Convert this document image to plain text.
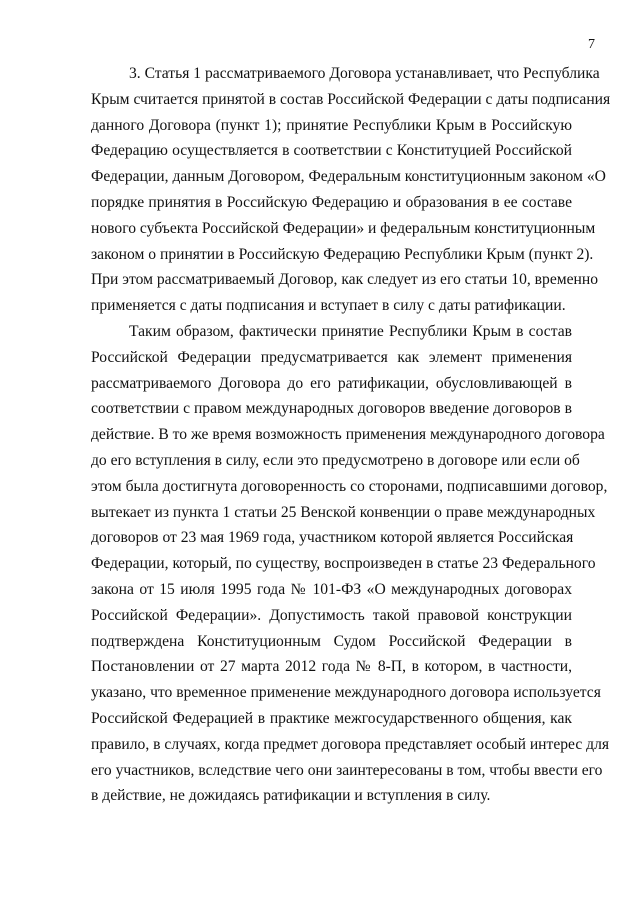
7
3. Статья 1 рассматриваемого Договора устанавливает, что Республика
Крым считается принятой в состав Российской Федерации с даты подписания
данного Договора (пункт 1); принятие Республики Крым в Российскую
Федерацию осуществляется в соответствии с Конституцией Российской
Федерации, данным Договором, Федеральным конституционным законом «О
порядке принятия в Российскую Федерацию и образования в ее составе
нового субъекта Российской Федерации» и федеральным конституционным
законом о принятии в Российскую Федерацию Республики Крым (пункт 2).
При этом рассматриваемый Договор, как следует из его статьи 10, временно
применяется с даты подписания и вступает в силу с даты ратификации.
Таким образом, фактически принятие Республики Крым в состав
Российской Федерации предусматривается как элемент применения
рассматриваемого Договора до его ратификации, обусловливающей в
соответствии с правом международных договоров введение договоров в
действие. В то же время возможность применения международного договора
до его вступления в силу, если это предусмотрено в договоре или если об
этом была достигнута договоренность со сторонами, подписавшими договор,
вытекает из пункта 1 статьи 25 Венской конвенции о праве международных
договоров от 23 мая 1969 года, участником которой является Российская
Федерации, который, по существу, воспроизведен в статье 23 Федерального
закона от 15 июля 1995 года № 101-ФЗ «О международных договорах
Российской Федерации». Допустимость такой правовой конструкции
подтверждена Конституционным Судом Российской Федерации в
Постановлении от 27 марта 2012 года № 8-П, в котором, в частности,
указано, что временное применение международного договора используется
Российской Федерацией в практике межгосударственного общения, как
правило, в случаях, когда предмет договора представляет особый интерес для
его участников, вследствие чего они заинтересованы в том, чтобы ввести его
в действие, не дожидаясь ратификации и вступления в силу.
